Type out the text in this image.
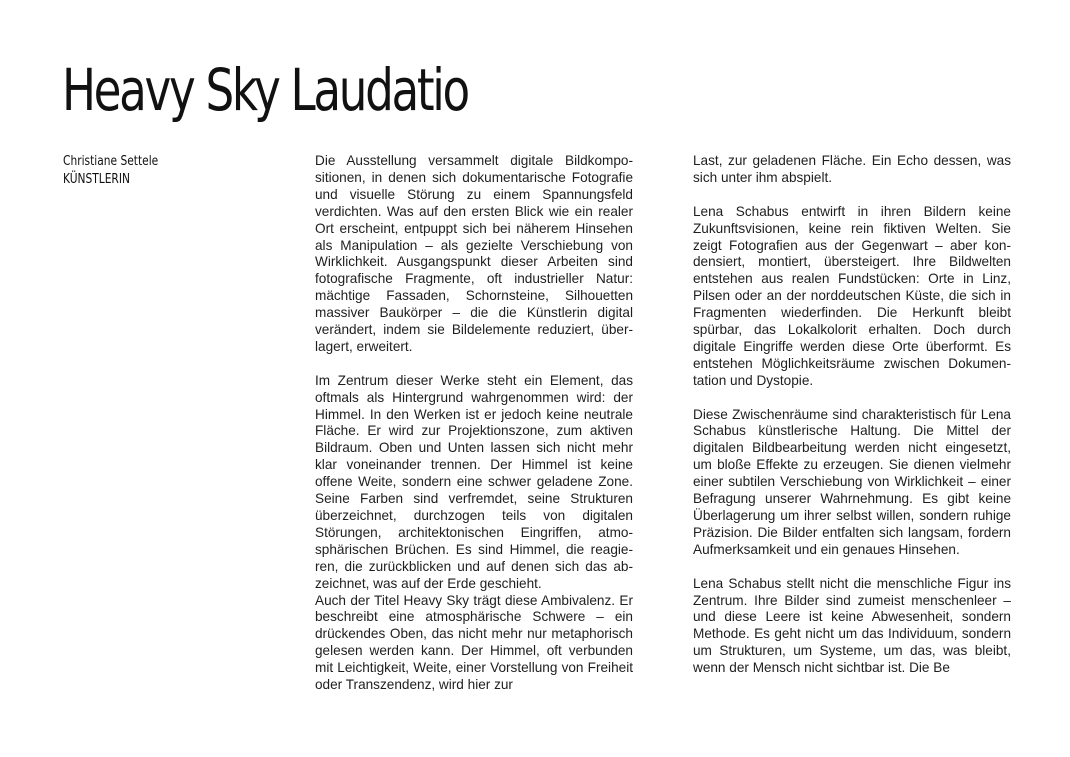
Heavy Sky Laudatio
Christiane Settele
KÜNSTLERIN

Die Ausstellung versammelt digitale Bildkompositionen, in denen sich dokumentarische Fotografie und visuelle Störung zu einem Spannungsfeld verdichten. Was auf den ersten Blick wie ein realer Ort erscheint, entpuppt sich bei näherem Hinsehen als Manipulation – als gezielte Verschiebung von Wirklichkeit. Ausgangspunkt dieser Arbeiten sind fotografische Fragmente, oft industrieller Natur: mächtige Fassaden, Schornsteine, Silhouetten massiver Baukörper – die die Künstlerin digital verändert, indem sie Bildelemente reduziert, überlagert, erweitert.

Im Zentrum dieser Werke steht ein Element, das oftmals als Hintergrund wahrgenommen wird: der Himmel. In den Werken ist er jedoch keine neutrale Fläche. Er wird zur Projektionszone, zum aktiven Bildraum. Oben und Unten lassen sich nicht mehr klar voneinander trennen. Der Himmel ist keine offene Weite, sondern eine schwer geladene Zone. Seine Farben sind verfremdet, seine Strukturen überzeichnet, durchzogen teils von digitalen Störungen, architektonischen Eingriffen, atmosphärischen Brüchen. Es sind Himmel, die reagieren, die zurückblicken und auf denen sich das abzeichnet, was auf der Erde geschieht.

Auch der Titel Heavy Sky trägt diese Ambivalenz. Er beschreibt eine atmosphärische Schwere – ein drückendes Oben, das nicht mehr nur metaphorisch gelesen werden kann. Der Himmel, oft verbunden mit Leichtigkeit, Weite, einer Vorstellung von Freiheit oder Transzendenz, wird hier zur

Last, zur geladenen Fläche. Ein Echo dessen, was sich unter ihm abspielt.

Lena Schabus entwirft in ihren Bildern keine Zukunftsvisionen, keine rein fiktiven Welten. Sie zeigt Fotografien aus der Gegenwart – aber kondensiert, montiert, übersteigert. Ihre Bildwelten entstehen aus realen Fundstücken: Orte in Linz, Pilsen oder an der norddeutschen Küste, die sich in Fragmenten wiederfinden. Die Herkunft bleibt spürbar, das Lokalkolorit erhalten. Doch durch digitale Eingriffe werden diese Orte überformt. Es entstehen Möglichkeitsräume zwischen Dokumentation und Dystopie.

Diese Zwischenräume sind charakteristisch für Lena Schabus künstlerische Haltung. Die Mittel der digitalen Bildbearbeitung werden nicht eingesetzt, um bloße Effekte zu erzeugen. Sie dienen vielmehr einer subtilen Verschiebung von Wirklichkeit – einer Befragung unserer Wahrnehmung. Es gibt keine Überlagerung um ihrer selbst willen, sondern ruhige Präzision. Die Bilder entfalten sich langsam, fordern Aufmerksamkeit und ein genaues Hinsehen.

Lena Schabus stellt nicht die menschliche Figur ins Zentrum. Ihre Bilder sind zumeist menschenleer – und diese Leere ist keine Abwesenheit, sondern Methode. Es geht nicht um das Individuum, sondern um Strukturen, um Systeme, um das, was bleibt, wenn der Mensch nicht sichtbar ist. Die Be
